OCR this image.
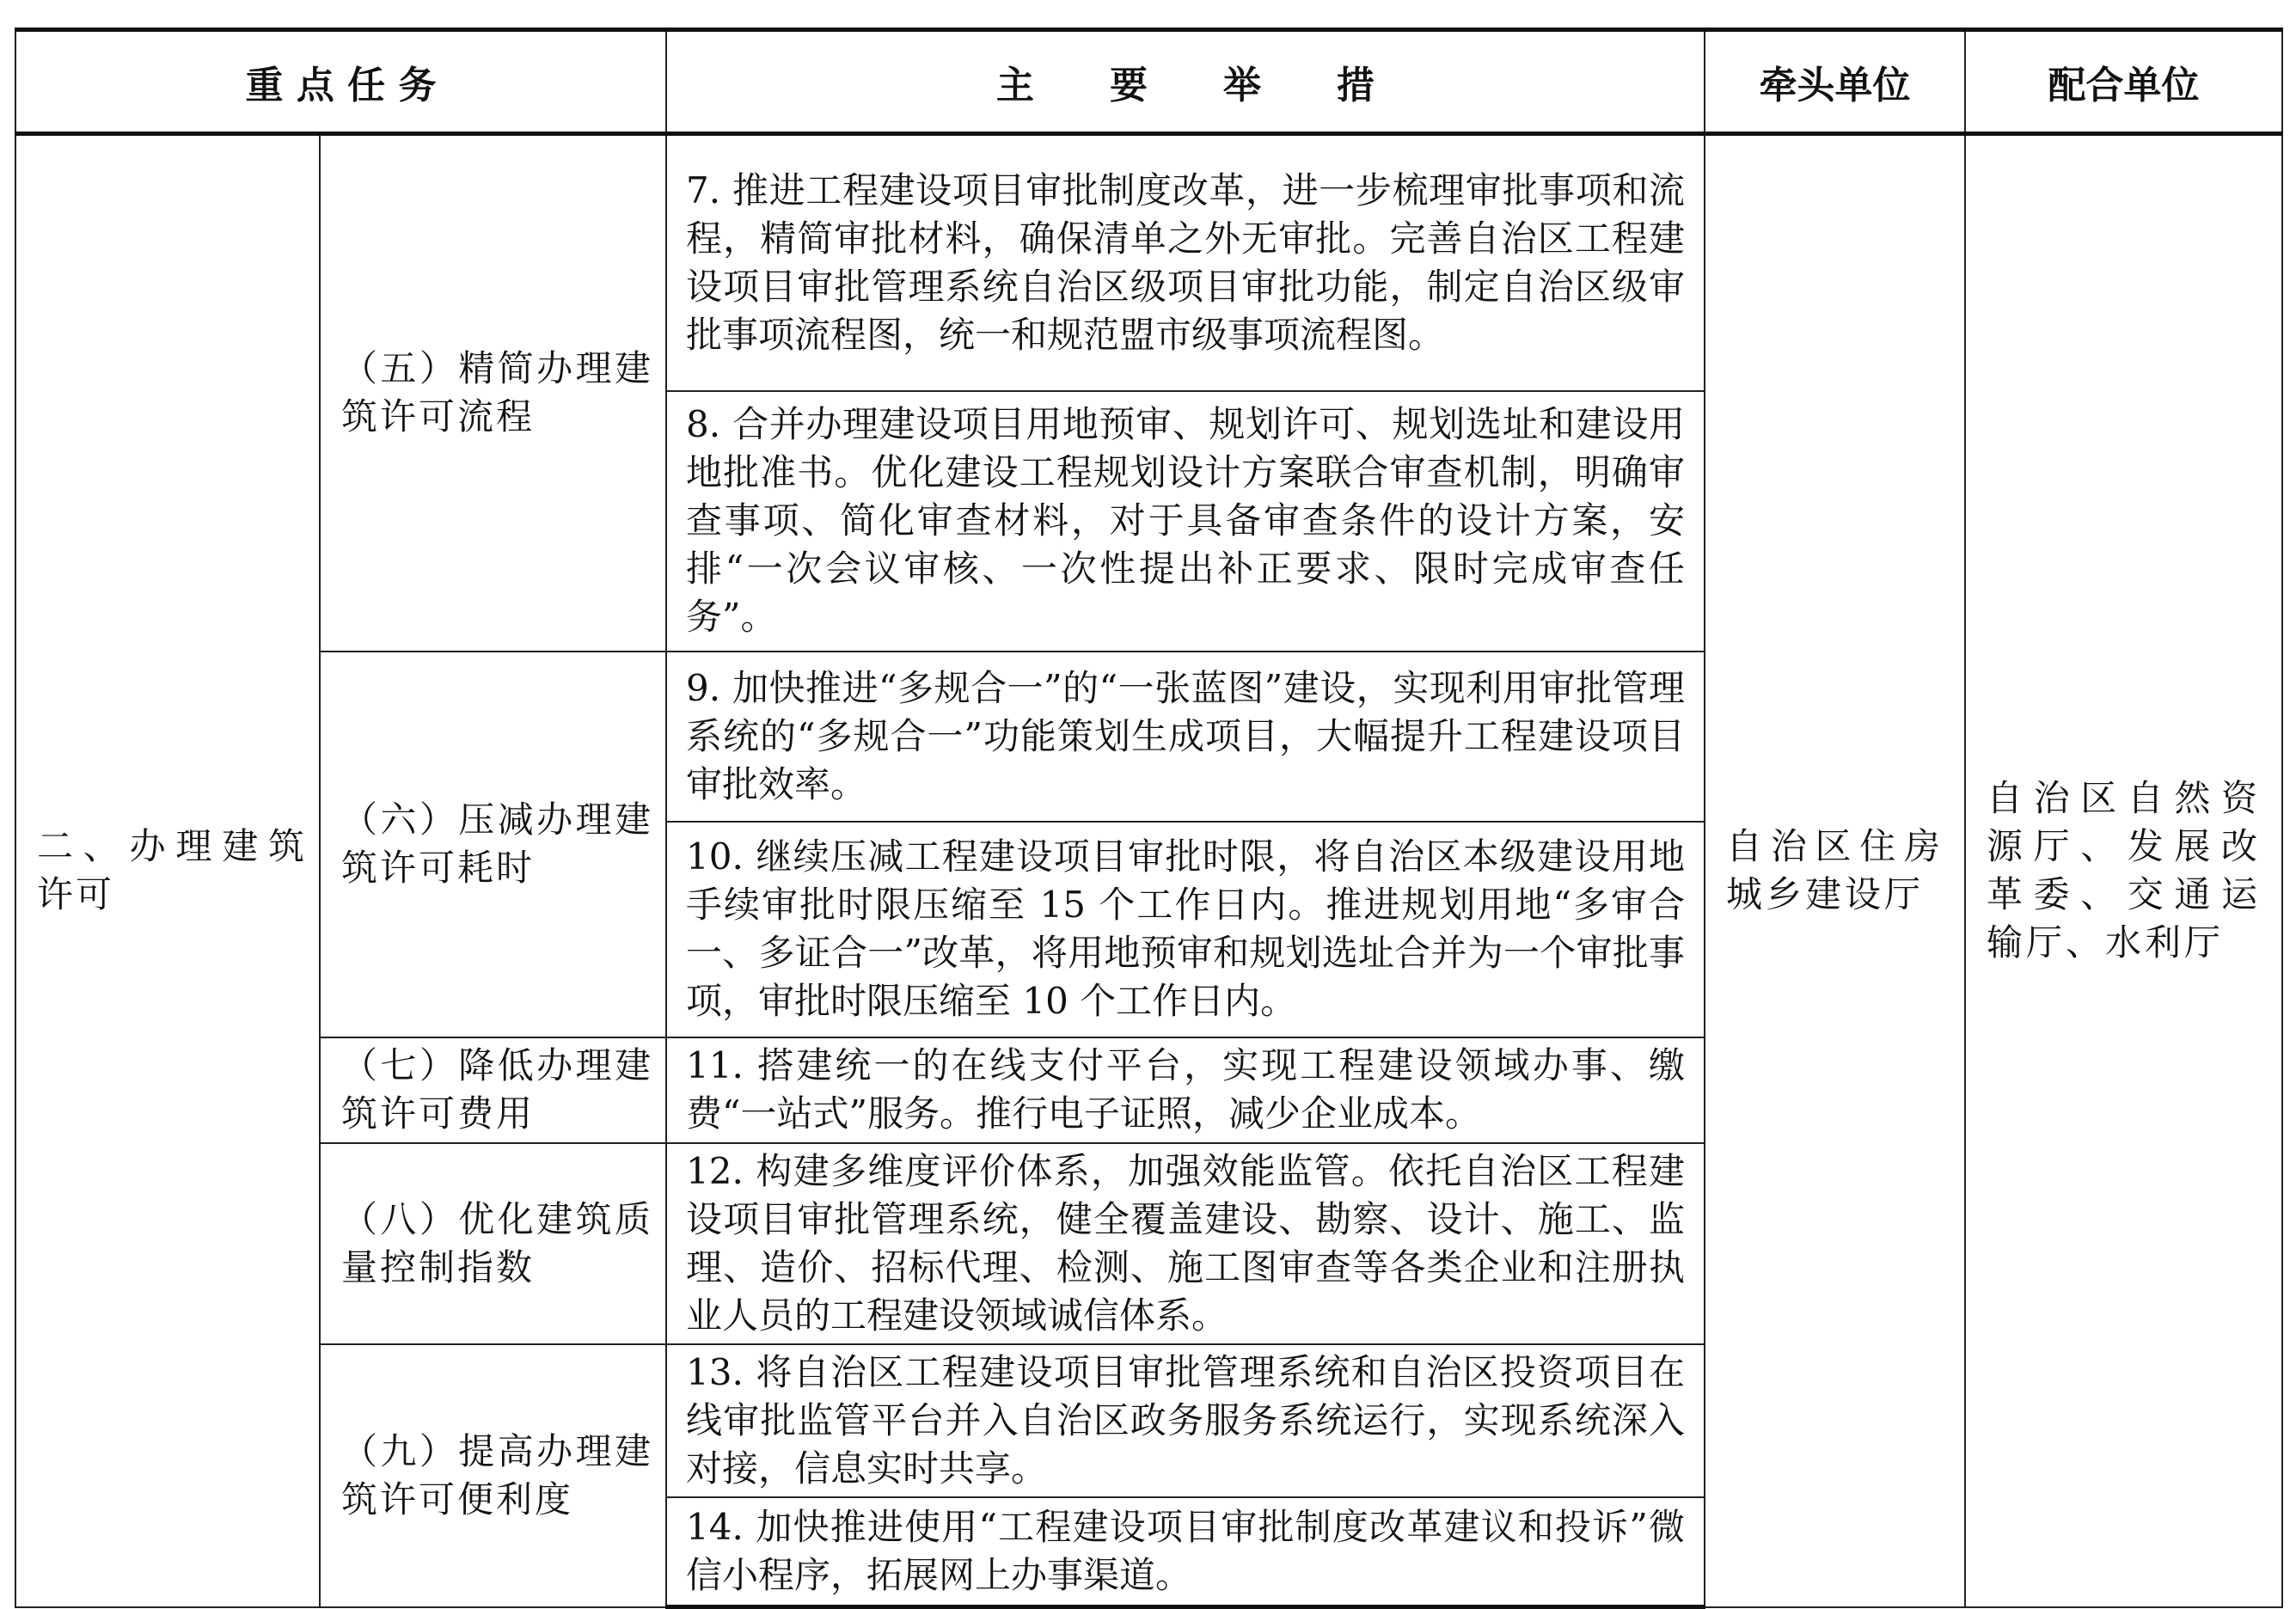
重 点 任 务		主　　要　　举　　措	牵头单位	配合单位
二、办理建筑许可	（五）精简办理建筑许可流程	7. 推进工程建设项目审批制度改革，进一步梳理审批事项和流程，精简审批材料，确保清单之外无审批。完善自治区工程建设项目审批管理系统自治区级项目审批功能，制定自治区级审批事项流程图，统一和规范盟市级事项流程图。	自治区住房城乡建设厅	自治区自然资源厅、发展改革委、交通运输厅、水利厅
		8. 合并办理建设项目用地预审、规划许可、规划选址和建设用地批准书。优化建设工程规划设计方案联合审查机制，明确审查事项、简化审查材料，对于具备审查条件的设计方案，安排“一次会议审核、一次性提出补正要求、限时完成审查任务”。		
	（六）压减办理建筑许可耗时	9. 加快推进“多规合一”的“一张蓝图”建设，实现利用审批管理系统的“多规合一”功能策划生成项目，大幅提升工程建设项目审批效率。		
		10. 继续压减工程建设项目审批时限，将自治区本级建设用地手续审批时限压缩至 15 个工作日内。推进规划用地“多审合一、多证合一”改革，将用地预审和规划选址合并为一个审批事项，审批时限压缩至 10 个工作日内。		
	（七）降低办理建筑许可费用	11. 搭建统一的在线支付平台，实现工程建设领域办事、缴费“一站式”服务。推行电子证照，减少企业成本。		
	（八）优化建筑质量控制指数	12. 构建多维度评价体系，加强效能监管。依托自治区工程建设项目审批管理系统，健全覆盖建设、勘察、设计、施工、监理、造价、招标代理、检测、施工图审查等各类企业和注册执业人员的工程建设领域诚信体系。		
	（九）提高办理建筑许可便利度	13. 将自治区工程建设项目审批管理系统和自治区投资项目在线审批监管平台并入自治区政务服务系统运行，实现系统深入对接，信息实时共享。		
		14. 加快推进使用“工程建设项目审批制度改革建议和投诉”微信小程序，拓展网上办事渠道。		
